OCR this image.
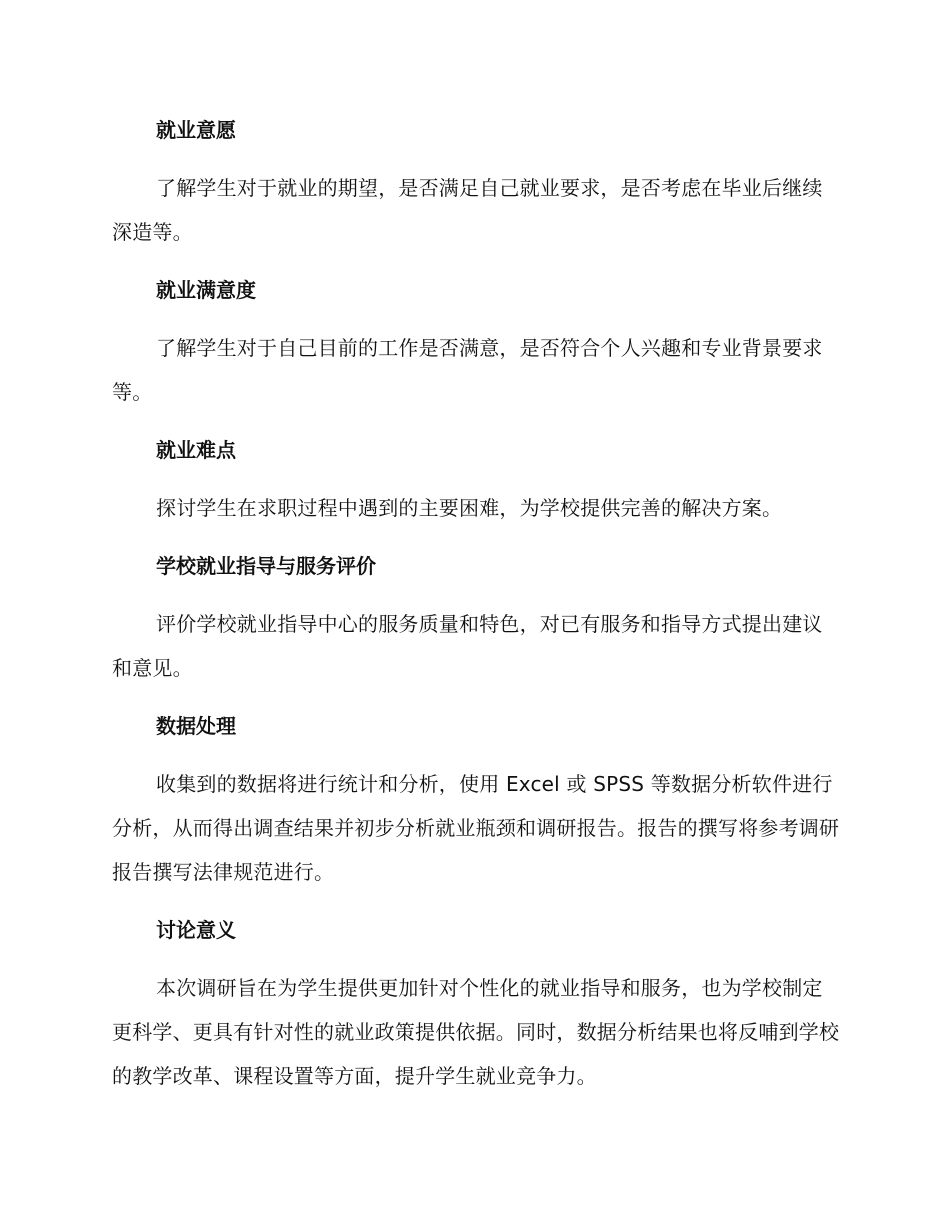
就业意愿

了解学生对于就业的期望，是否满足自己就业要求，是否考虑在毕业后继续深造等。

就业满意度

了解学生对于自己目前的工作是否满意，是否符合个人兴趣和专业背景要求等。

就业难点

探讨学生在求职过程中遇到的主要困难，为学校提供完善的解决方案。

学校就业指导与服务评价

评价学校就业指导中心的服务质量和特色，对已有服务和指导方式提出建议和意见。

数据处理

收集到的数据将进行统计和分析，使用 Excel 或 SPSS 等数据分析软件进行分析，从而得出调查结果并初步分析就业瓶颈和调研报告。报告的撰写将参考调研报告撰写法律规范进行。

讨论意义

本次调研旨在为学生提供更加针对个性化的就业指导和服务，也为学校制定更科学、更具有针对性的就业政策提供依据。同时，数据分析结果也将反哺到学校的教学改革、课程设置等方面，提升学生就业竞争力。
